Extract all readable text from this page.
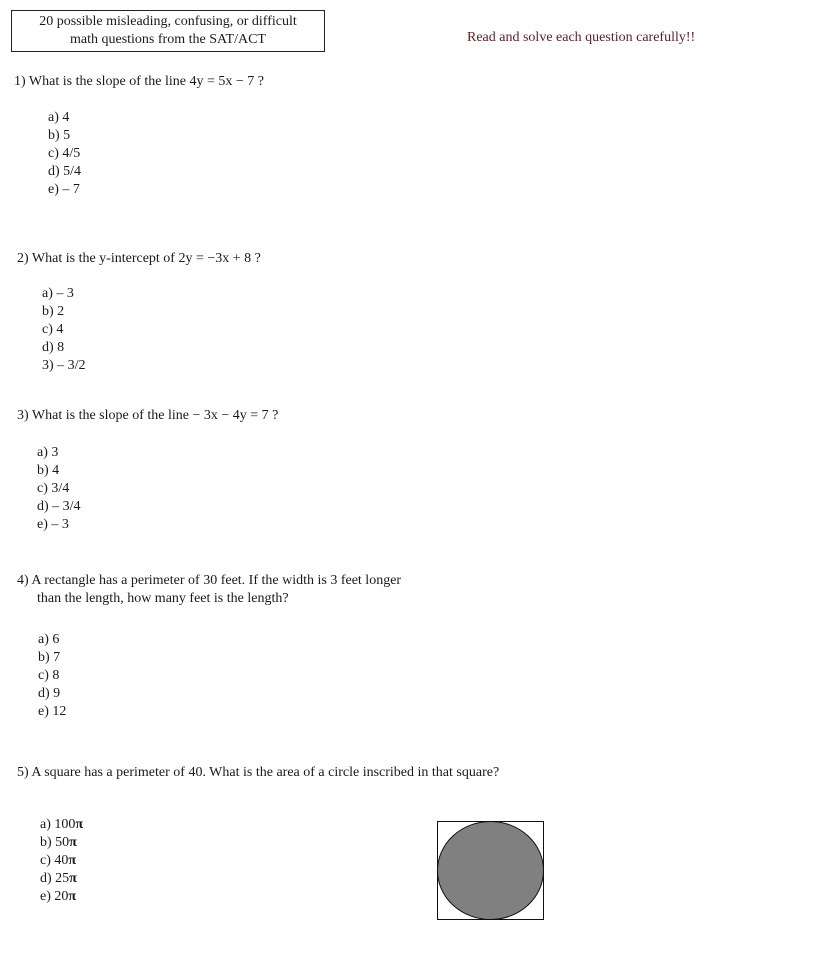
20 possible misleading, confusing, or difficult
math questions from the SAT/ACT	Read and solve each question carefully!!
1) What is the slope of the line 4y = 5x − 7 ?
a) 4
b) 5
c) 4/5
d) 5/4
e) – 7
2) What is the y-intercept of 2y = −3x + 8 ?
a) – 3
b) 2
c) 4
d) 8
3) – 3/2
3) What is the slope of the line − 3x − 4y = 7 ?
a) 3
b) 4
c) 3/4
d) – 3/4
e) – 3
4) A rectangle has a perimeter of 30 feet. If the width is 3 feet longer
than the length, how many feet is the length?
a) 6
b) 7
c) 8
d) 9
e) 12
5) A square has a perimeter of 40. What is the area of a circle inscribed in that square?
a) 100π
b) 50π
c) 40π
d) 25π
e) 20π
